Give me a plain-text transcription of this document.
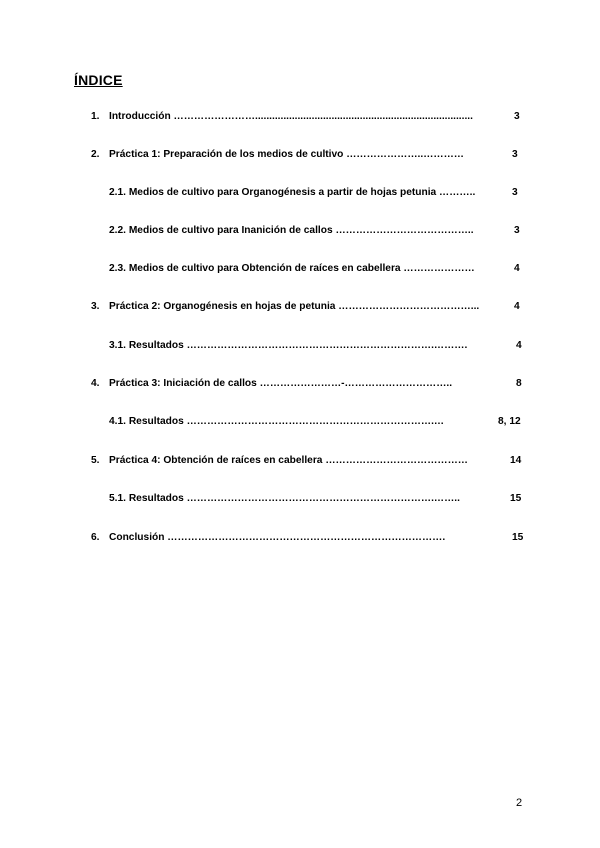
ÍNDICE
1. Introducción …………………….............................................................................	3
2. Práctica 1: Preparación de los medios de cultivo …………………..…………	3
2.1. Medios de cultivo para Organogénesis a partir de hojas petunia ………..	3
2.2. Medios de cultivo para Inanición de callos …………………………………..	3
2.3. Medios de cultivo para Obtención de raíces en cabellera …………………	4
3. Práctica 2: Organogénesis en hojas de petunia …………………………………...	4
3.1. Resultados ……………………………………………………………….……….	4
4. Práctica 3: Iniciación de callos ……………………-…………………………..	8
4.1. Resultados ……………………………………………………………….…	8, 12
5. Práctica 4: Obtención de raíces en cabellera ……………………………………	14
5.1. Resultados ……………………………………………………………….……..	15
6. Conclusión ……………………………………………………………………….	15
2
